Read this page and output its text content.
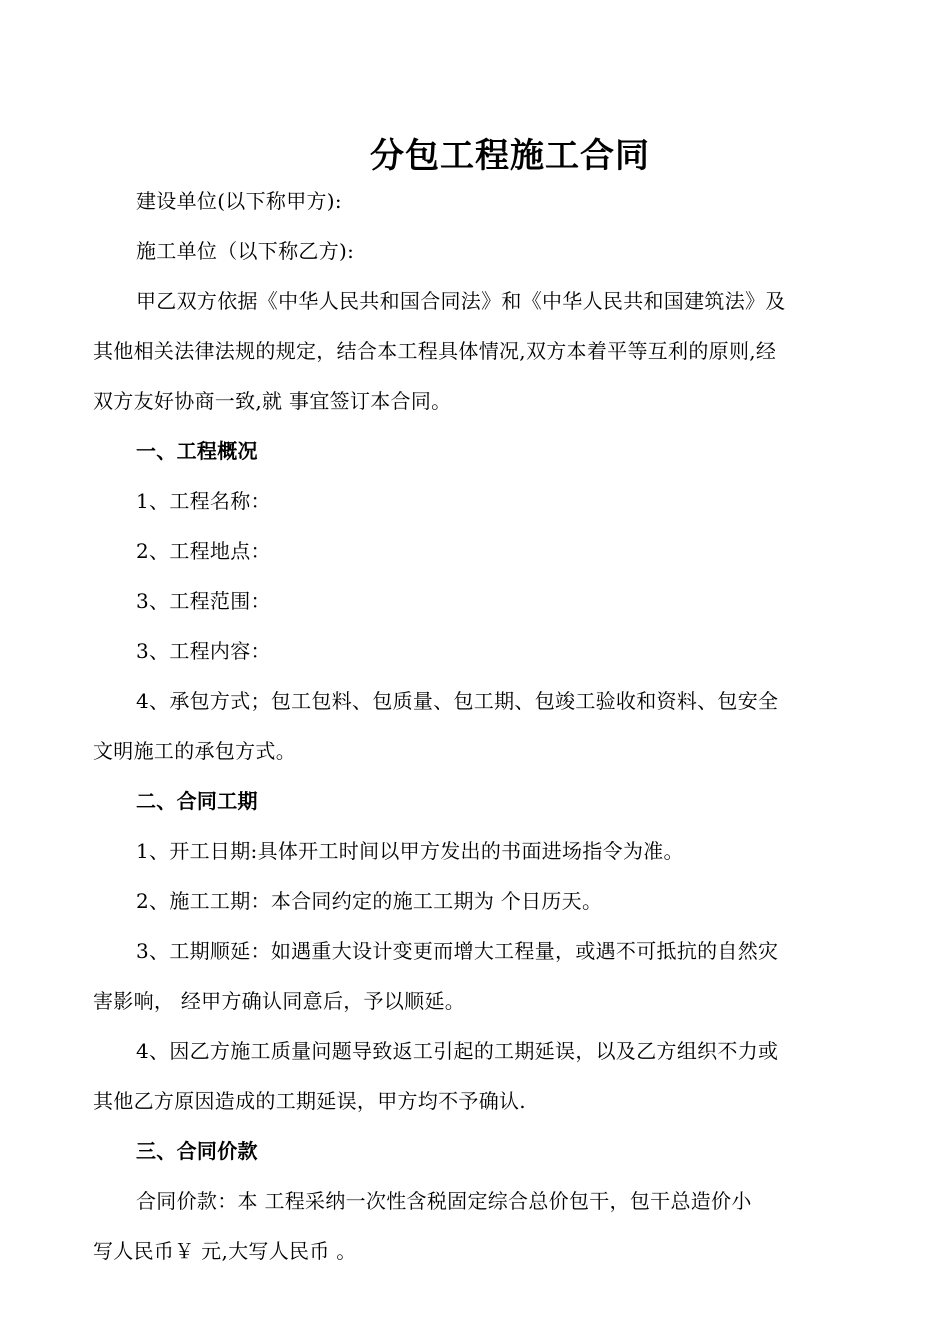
分包工程施工合同
建设单位(以下称甲方):
施工单位（以下称乙方):
甲乙双方依据《中华人民共和国合同法》和《中华人民共和国建筑法》及
其他相关法律法规的规定，结合本工程具体情况,双方本着平等互利的原则,经
双方友好协商一致,就 事宜签订本合同。
一、工程概况
1、工程名称：
2、工程地点：
3、工程范围：
3、工程内容：
4、承包方式；包工包料、包质量、包工期、包竣工验收和资料、包安全
文明施工的承包方式。
二、合同工期
1、开工日期:具体开工时间以甲方发出的书面进场指令为准。
2、施工工期：本合同约定的施工工期为 个日历天。
3、工期顺延：如遇重大设计变更而增大工程量，或遇不可抵抗的自然灾
害影响， 经甲方确认同意后，予以顺延。
4、因乙方施工质量问题导致返工引起的工期延误，以及乙方组织不力或
其他乙方原因造成的工期延误，甲方均不予确认.
三、合同价款
合同价款：本 工程采纳一次性含税固定综合总价包干，包干总造价小
写人民币￥ 元,大写人民币 。
